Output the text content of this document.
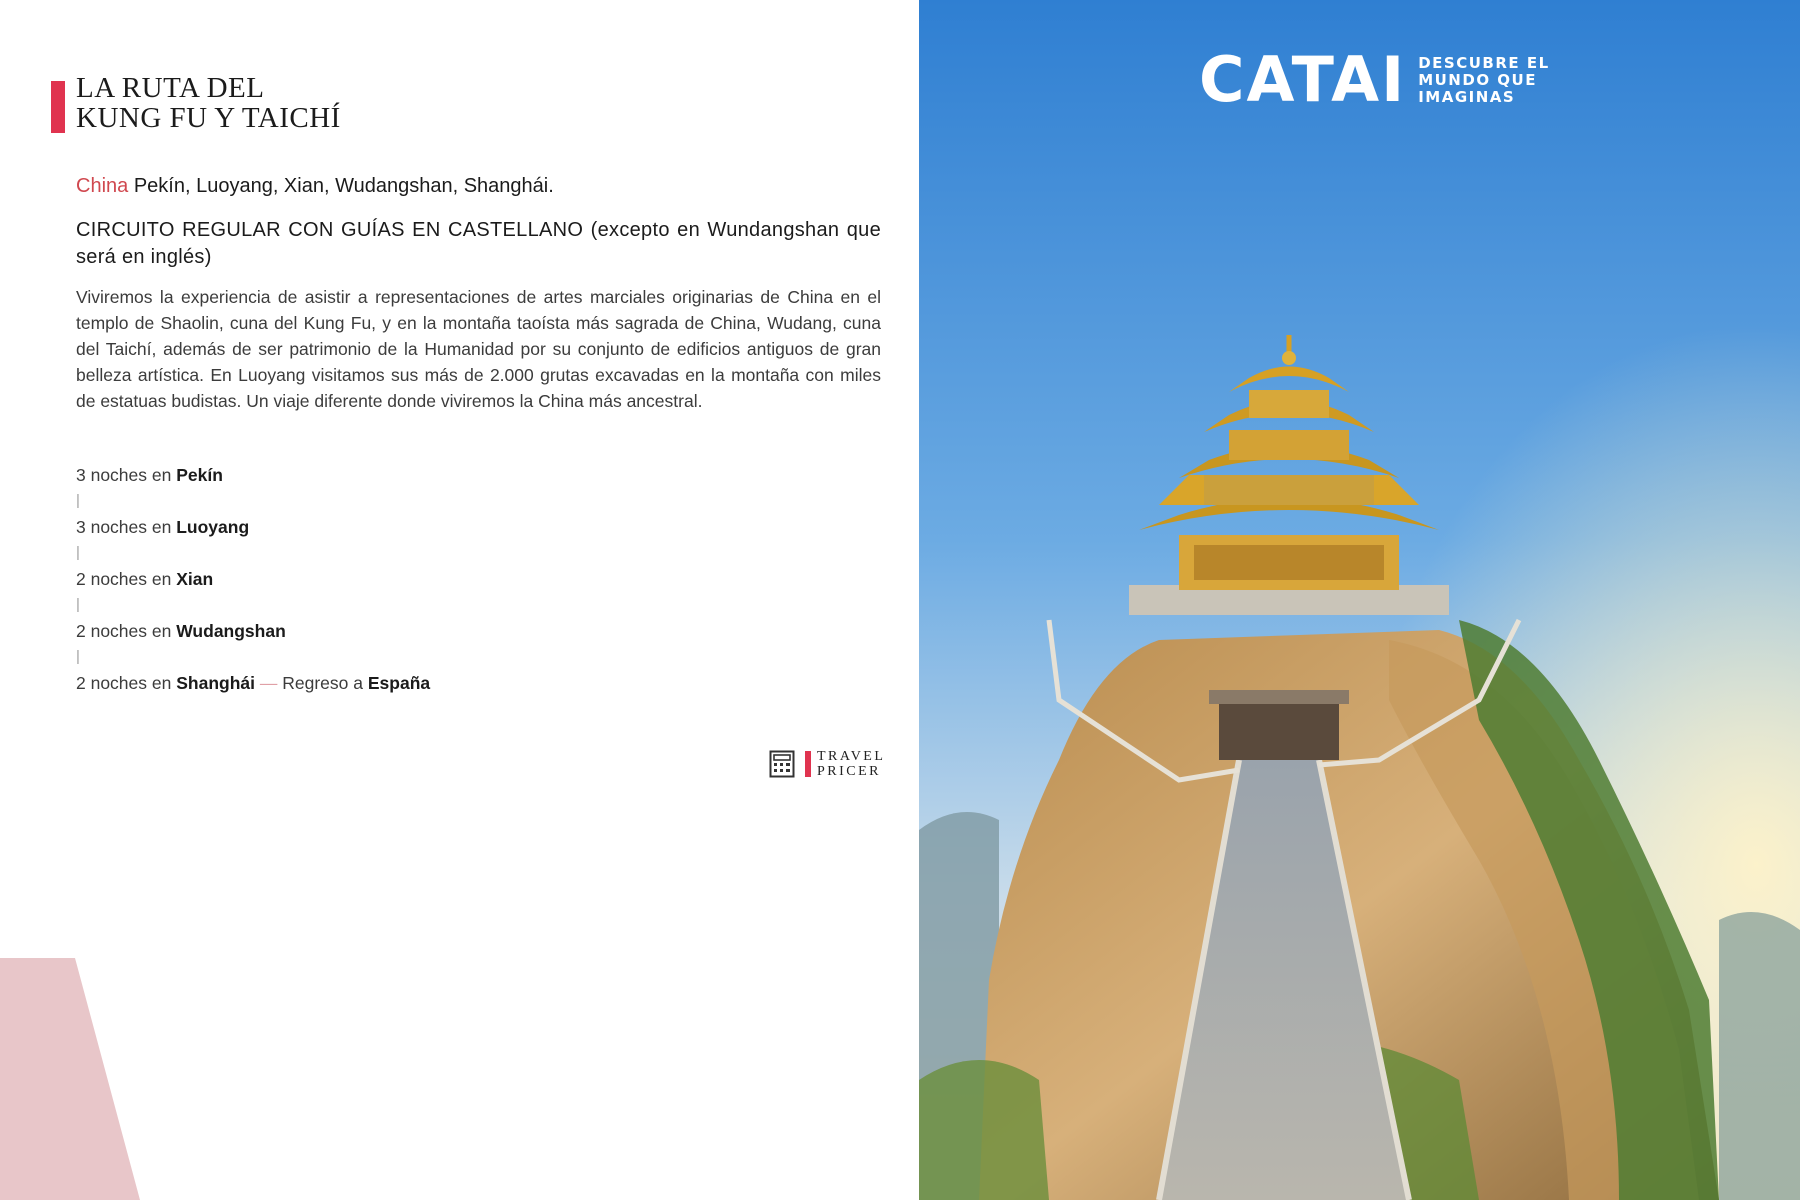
LA RUTA DEL
KUNG FU Y TAICHÍ
China Pekín, Luoyang, Xian, Wudangshan, Shanghái.
CIRCUITO REGULAR CON GUÍAS EN CASTELLANO (excepto en Wundangshan que será en inglés)
Viviremos la experiencia de asistir a representaciones de artes marciales originarias de China en el templo de Shaolin, cuna del Kung Fu, y en la montaña taoísta más sagrada de China, Wudang, cuna del Taichí, además de ser patrimonio de la Humanidad por su conjunto de edificios antiguos de gran belleza artística. En Luoyang visitamos sus más de 2.000 grutas excavadas en la montaña con miles de estatuas budistas. Un viaje diferente donde viviremos la China más ancestral.
3 noches en Pekín
|
3 noches en Luoyang
|
2 noches en Xian
|
2 noches en Wudangshan
|
2 noches en Shanghái — Regreso a España
TRAVEL
PRICER
CATAI DESCUBRE EL
MUNDO QUE
IMAGINAS
